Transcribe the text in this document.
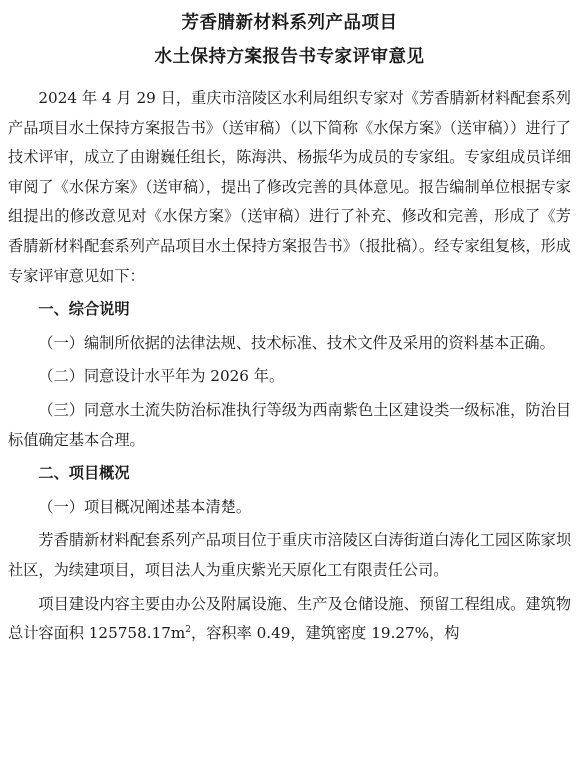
芳香腈新材料系列产品项目

水土保持方案报告书专家评审意见

2024 年 4 月 29 日，重庆市涪陵区水利局组织专家对《芳香腈新材料配套系列产品项目水土保持方案报告书》（送审稿）（以下简称《水保方案》（送审稿））进行了技术评审，成立了由谢巍任组长，陈海洪、杨振华为成员的专家组。专家组成员详细审阅了《水保方案》（送审稿），提出了修改完善的具体意见。报告编制单位根据专家组提出的修改意见对《水保方案》（送审稿）进行了补充、修改和完善，形成了《芳香腈新材料配套系列产品项目水土保持方案报告书》（报批稿）。经专家组复核，形成专家评审意见如下：

一、综合说明

（一）编制所依据的法律法规、技术标准、技术文件及采用的资料基本正确。

（二）同意设计水平年为 2026 年。

（三）同意水土流失防治标准执行等级为西南紫色土区建设类一级标准，防治目标值确定基本合理。

二、项目概况

（一）项目概况阐述基本清楚。

芳香腈新材料配套系列产品项目位于重庆市涪陵区白涛街道白涛化工园区陈家坝社区，为续建项目，项目法人为重庆紫光天原化工有限责任公司。

项目建设内容主要由办公及附属设施、生产及仓储设施、预留工程组成。建筑物总计容面积 $125758.17m^2$，容积率 0.49，建筑密度 19.27%，构
